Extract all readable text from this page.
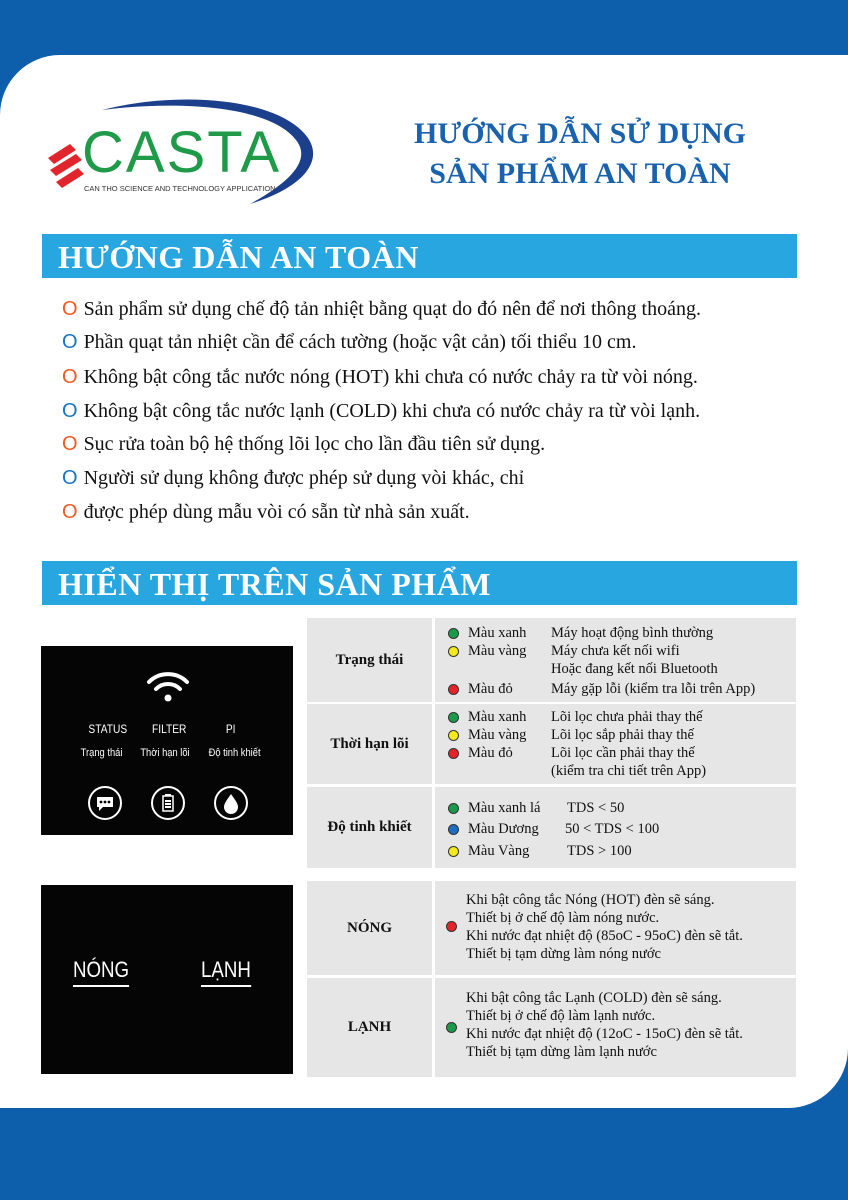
CASTA
CAN THO SCIENCE AND TECHNOLOGY APPLICATION
HƯỚNG DẪN SỬ DỤNG
SẢN PHẨM AN TOÀN
HƯỚNG DẪN AN TOÀN
O Sản phẩm sử dụng chế độ tản nhiệt bằng quạt do đó nên để nơi thông thoáng.
O Phần quạt tản nhiệt cần để cách tường (hoặc vật cản) tối thiểu 10 cm.
O Không bật công tắc nước nóng (HOT) khi chưa có nước chảy ra từ vòi nóng.
O Không bật công tắc nước lạnh (COLD) khi chưa có nước chảy ra từ vòi lạnh.
O Sục rửa toàn bộ hệ thống lõi lọc cho lần đầu tiên sử dụng.
O Người sử dụng không được phép sử dụng vòi khác, chỉ
O được phép dùng mẫu vòi có sẵn từ nhà sản xuất.
HIỂN THỊ TRÊN SẢN PHẨM
STATUS FILTER	PI
Trạng thái Thời hạn lõi Độ tinh khiết
NÓNG	LẠNH
Trạng thái
Màu xanh Máy hoạt động bình thường
Màu vàng Máy chưa kết nối wifi
Hoặc đang kết nối Bluetooth
Màu đỏ	Máy gặp lỗi (kiểm tra lỗi trên App)
Thời hạn lõi
Màu xanh Lõi lọc chưa phải thay thế
Màu vàng Lõi lọc sắp phải thay thế
Màu đỏ	Lõi lọc cần phải thay thế
(kiểm tra chi tiết trên App)
Độ tinh khiết
Màu xanh lá TDS < 50
Màu Dương 50 < TDS < 100
Màu Vàng	TDS > 100
NÓNG
Khi bật công tắc Nóng (HOT) đèn sẽ sáng.
Thiết bị ở chế độ làm nóng nước.
Khi nước đạt nhiệt độ (85oC - 95oC) đèn sẽ tắt.
Thiết bị tạm dừng làm nóng nước
LẠNH
Khi bật công tắc Lạnh (COLD) đèn sẽ sáng.
Thiết bị ở chế độ làm lạnh nước.
Khi nước đạt nhiệt độ (12oC - 15oC) đèn sẽ tắt.
Thiết bị tạm dừng làm lạnh nước
